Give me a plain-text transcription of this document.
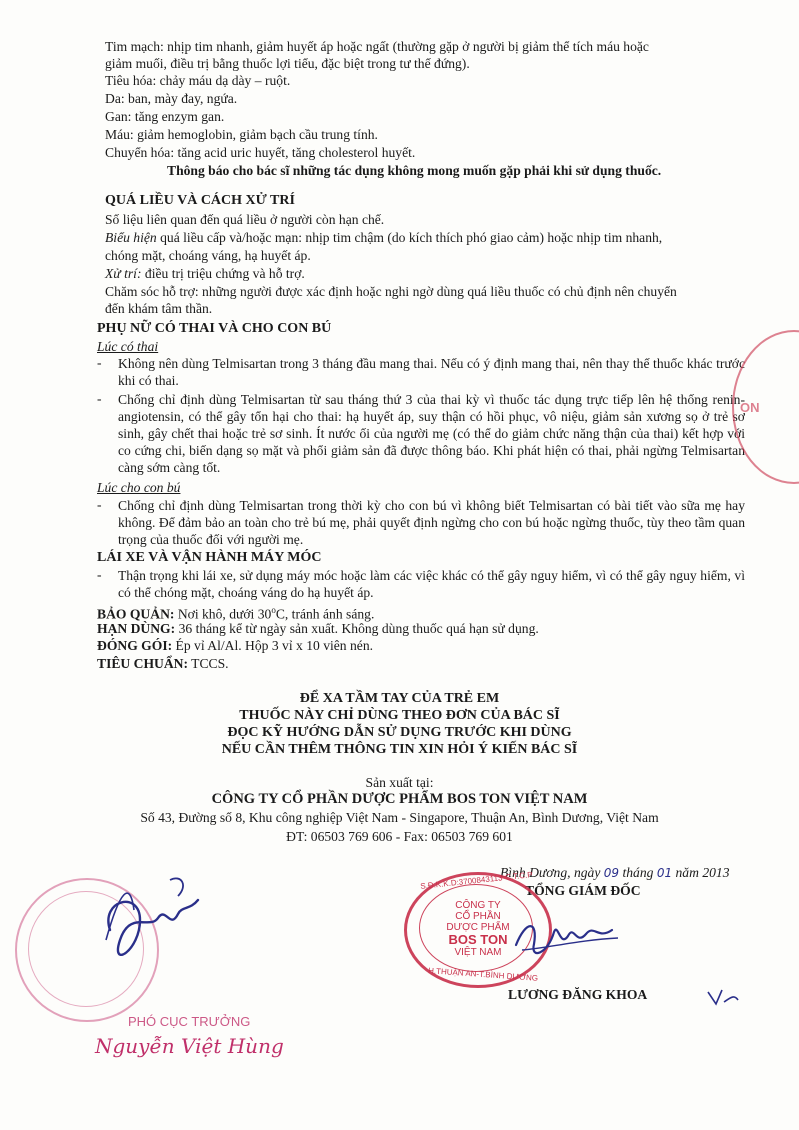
Tim mạch: nhịp tim nhanh, giảm huyết áp hoặc ngất (thường gặp ở người bị giảm thể tích máu hoặc
giảm muối, điều trị bằng thuốc lợi tiểu, đặc biệt trong tư thế đứng).
Tiêu hóa: chảy máu dạ dày – ruột.
Da: ban, mày đay, ngứa.
Gan: tăng enzym gan.
Máu: giảm hemoglobin, giảm bạch cầu trung tính.
Chuyển hóa: tăng acid uric huyết, tăng cholesterol huyết.
Thông báo cho bác sĩ những tác dụng không mong muốn gặp phải khi sử dụng thuốc.
QUÁ LIỀU VÀ CÁCH XỬ TRÍ
Số liệu liên quan đến quá liều ở người còn hạn chế.
Biểu hiện quá liều cấp và/hoặc mạn: nhịp tim chậm (do kích thích phó giao cảm) hoặc nhịp tim nhanh,
chóng mặt, choáng váng, hạ huyết áp.
Xử trí: điều trị triệu chứng và hỗ trợ.
Chăm sóc hỗ trợ: những người được xác định hoặc nghi ngờ dùng quá liều thuốc có chủ định nên chuyển
đến khám tâm thần.
PHỤ NỮ CÓ THAI VÀ CHO CON BÚ
Lúc có thai
- Không nên dùng Telmisartan trong 3 tháng đầu mang thai. Nếu có ý định mang thai, nên thay thế thuốc khác trước khi có thai.
- Chống chỉ định dùng Telmisartan từ sau tháng thứ 3 của thai kỳ vì thuốc tác dụng trực tiếp lên hệ thống renin- angiotensin, có thể gây tổn hại cho thai: hạ huyết áp, suy thận có hồi phục, vô niệu, giảm sản xương sọ ở trẻ sơ sinh, gây chết thai hoặc trẻ sơ sinh. Ít nước ối của người mẹ (có thể do giảm chức năng thận của thai) kết hợp với co cứng chi, biến dạng sọ mặt và phổi giảm sản đã được thông báo. Khi phát hiện có thai, phải ngừng Telmisartan càng sớm càng tốt.
Lúc cho con bú
- Chống chỉ định dùng Telmisartan trong thời kỳ cho con bú vì không biết Telmisartan có bài tiết vào sữa mẹ hay không. Để đảm bảo an toàn cho trẻ bú mẹ, phải quyết định ngừng cho con bú hoặc ngừng thuốc, tùy theo tầm quan trọng của thuốc đối với người mẹ.
LÁI XE VÀ VẬN HÀNH MÁY MÓC
- Thận trọng khi lái xe, sử dụng máy móc hoặc làm các việc khác có thể gây nguy hiểm, vì có thể gây nguy hiểm, vì có thể chóng mặt, choáng váng do hạ huyết áp.
BẢO QUẢN: Nơi khô, dưới 30$^o$C, tránh ánh sáng.
HẠN DÙNG: 36 tháng kể từ ngày sản xuất. Không dùng thuốc quá hạn sử dụng.
ĐÓNG GÓI: Ép vỉ Al/Al. Hộp 3 vỉ x 10 viên nén.
TIÊU CHUẨN: TCCS.
ĐỂ XA TẦM TAY CỦA TRẺ EM
THUỐC NÀY CHỈ DÙNG THEO ĐƠN CỦA BÁC SĨ
ĐỌC KỸ HƯỚNG DẪN SỬ DỤNG TRƯỚC KHI DÙNG
NẾU CẦN THÊM THÔNG TIN XIN HỎI Ý KIẾN BÁC SĨ
Sản xuất tại:
CÔNG TY CỔ PHẦN DƯỢC PHẨM BOS TON VIỆT NAM
Số 43, Đường số 8, Khu công nghiệp Việt Nam - Singapore, Thuận An, Bình Dương, Việt Nam
ĐT: 06503 769 606 - Fax: 06503 769 601
Bình Dương, ngày 09 tháng 01 năm 2013
TỔNG GIÁM ĐỐC
LƯƠNG ĐĂNG KHOA
CÔNG TY
CỔ PHẦN
DƯỢC PHẨM
BOS TON
VIỆT NAM
S.Đ.K.K.D:3700843113-C.T.C.P
H.THUẬN AN-T.BÌNH DƯƠNG
ON
PHÓ CỤC TRƯỞNG
Nguyễn Việt Hùng
